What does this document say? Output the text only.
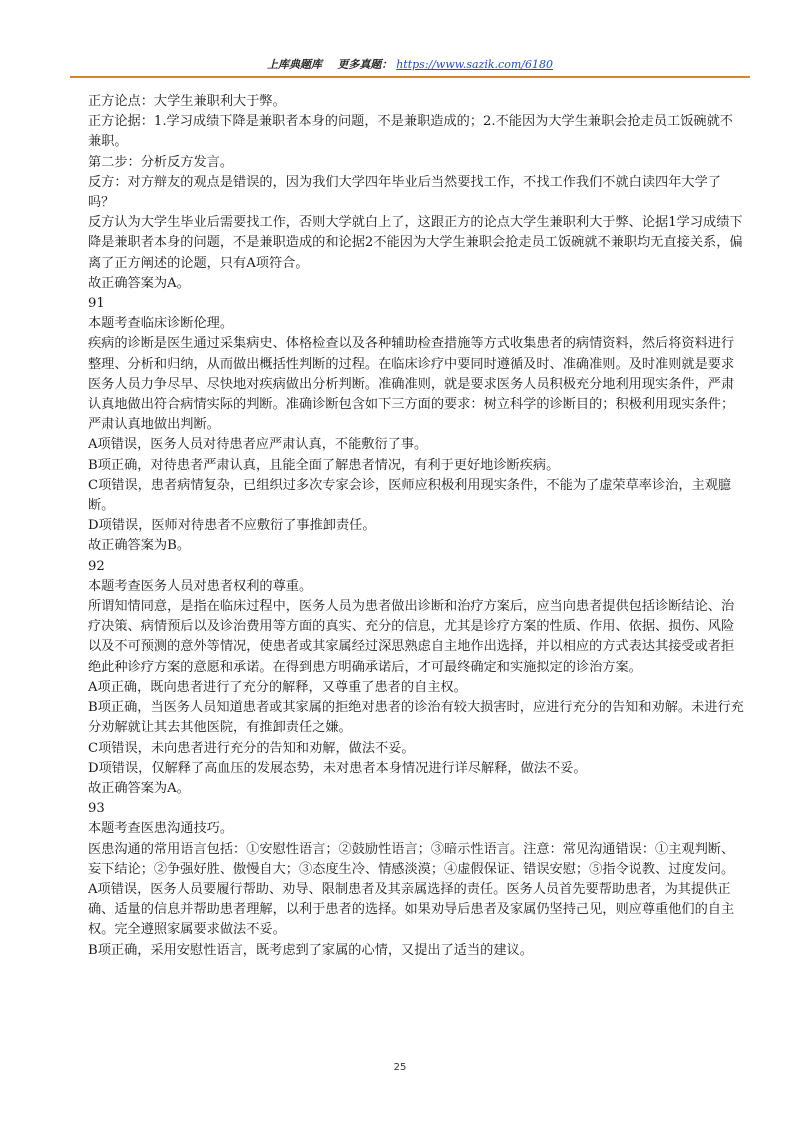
上库典题库 更多真题： https://www.sazik.com/6180

正方论点：大学生兼职利大于弊。

正方论据：1.学习成绩下降是兼职者本身的问题，不是兼职造成的；2.不能因为大学生兼职会抢走员工饭碗就不兼职。

第二步：分析反方发言。

反方：对方辩友的观点是错误的，因为我们大学四年毕业后当然要找工作，不找工作我们不就白读四年大学了吗？

反方认为大学生毕业后需要找工作，否则大学就白上了，这跟正方的论点大学生兼职利大于弊、论据1学习成绩下降是兼职者本身的问题，不是兼职造成的和论据2不能因为大学生兼职会抢走员工饭碗就不兼职均无直接关系，偏离了正方阐述的论题，只有A项符合。

故正确答案为A。

91

本题考查临床诊断伦理。

疾病的诊断是医生通过采集病史、体格检查以及各种辅助检查措施等方式收集患者的病情资料，然后将资料进行整理、分析和归纳，从而做出概括性判断的过程。在临床诊疗中要同时遵循及时、准确准则。及时准则就是要求医务人员力争尽早、尽快地对疾病做出分析判断。准确准则，就是要求医务人员积极充分地利用现实条件，严肃认真地做出符合病情实际的判断。准确诊断包含如下三方面的要求：树立科学的诊断目的；积极利用现实条件；严肃认真地做出判断。

A项错误，医务人员对待患者应严肃认真，不能敷衍了事。

B项正确，对待患者严肃认真，且能全面了解患者情况，有利于更好地诊断疾病。

C项错误，患者病情复杂，已组织过多次专家会诊，医师应积极利用现实条件，不能为了虚荣草率诊治，主观臆断。

D项错误，医师对待患者不应敷衍了事推卸责任。

故正确答案为B。

92

本题考查医务人员对患者权利的尊重。

所谓知情同意，是指在临床过程中，医务人员为患者做出诊断和治疗方案后，应当向患者提供包括诊断结论、治疗决策、病情预后以及诊治费用等方面的真实、充分的信息，尤其是诊疗方案的性质、作用、依据、损伤、风险以及不可预测的意外等情况，使患者或其家属经过深思熟虑自主地作出选择，并以相应的方式表达其接受或者拒绝此种诊疗方案的意愿和承诺。在得到患方明确承诺后，才可最终确定和实施拟定的诊治方案。

A项正确，既向患者进行了充分的解释，又尊重了患者的自主权。

B项正确，当医务人员知道患者或其家属的拒绝对患者的诊治有较大损害时，应进行充分的告知和劝解。未进行充分劝解就让其去其他医院，有推卸责任之嫌。

C项错误，未向患者进行充分的告知和劝解，做法不妥。

D项错误，仅解释了高血压的发展态势，未对患者本身情况进行详尽解释，做法不妥。

故正确答案为A。

93

本题考查医患沟通技巧。

医患沟通的常用语言包括：①安慰性语言；②鼓励性语言；③暗示性语言。注意：常见沟通错误：①主观判断、妄下结论；②争强好胜、傲慢自大；③态度生冷、情感淡漠；④虚假保证、错误安慰；⑤指令说教、过度发问。

A项错误，医务人员要履行帮助、劝导、限制患者及其亲属选择的责任。医务人员首先要帮助患者，为其提供正确、适量的信息并帮助患者理解，以利于患者的选择。如果劝导后患者及家属仍坚持己见，则应尊重他们的自主权。完全遵照家属要求做法不妥。

B项正确，采用安慰性语言，既考虑到了家属的心情，又提出了适当的建议。

25
